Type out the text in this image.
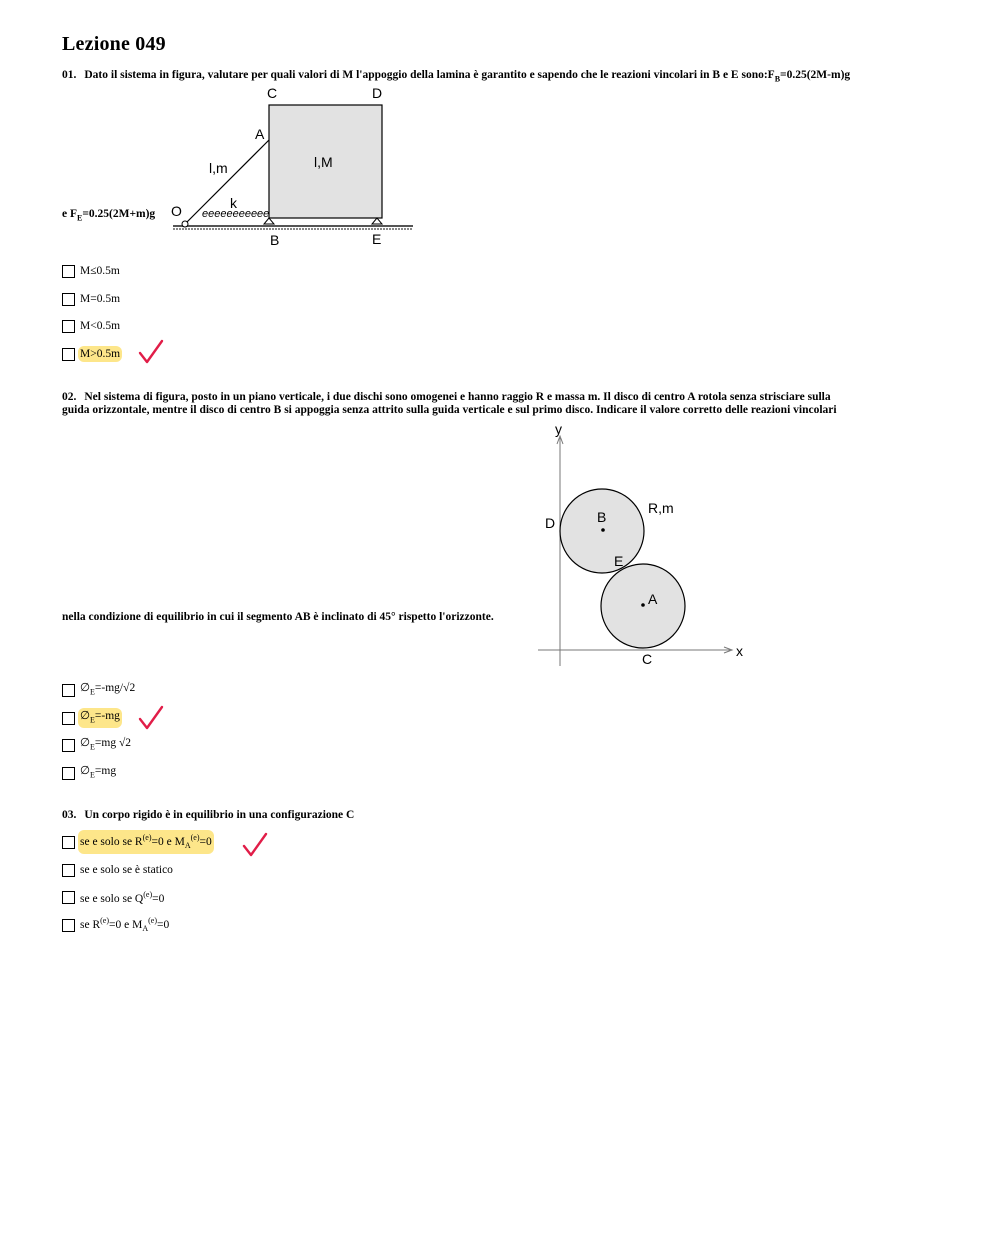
Lezione 049
01. Dato il sistema in figura, valutare per quali valori di M l'appoggio della lamina è garantito e sapendo che le reazioni vincolari in B e E $sono:F_B=0.25(2M-m)g$
e $F_E=0.25(2M+m)g$	eeeeeeeeeee
C	D
A
l,m	l,M
k
O
B	E
M≤0.5m
M=0.5m
M<0.5m
M>0.5m
02. Nel sistema di figura, posto in un piano verticale, i due dischi sono omogenei e hanno raggio R e massa m. Il disco di centro A rotola senza strisciare sulla
guida orizzontale, mentre il disco di centro B si appoggia senza attrito sulla guida verticale e sul primo disco. Indicare il valore corretto delle reazioni vincolari
nella condizione di equilibrio in cui il segmento AB è inclinato di 45° rispetto l'orizzonte.
y
x
D	B
R,m
E
A
C
$\emptyset_E=-mg/√2$
$\emptyset_E=-mg$
$\emptyset_E=mg$ √2
$\emptyset_E=mg$
03. Un corpo rigido è in equilibrio in una configurazione C
se e solo se $R^{(e)}=0$ e $M_A^{(e)}=0$
se e solo se è statico
se e solo se $Q^{(e)}=0$
se $R^{(e)}=0$ e $M_A^{(e)}=0$
